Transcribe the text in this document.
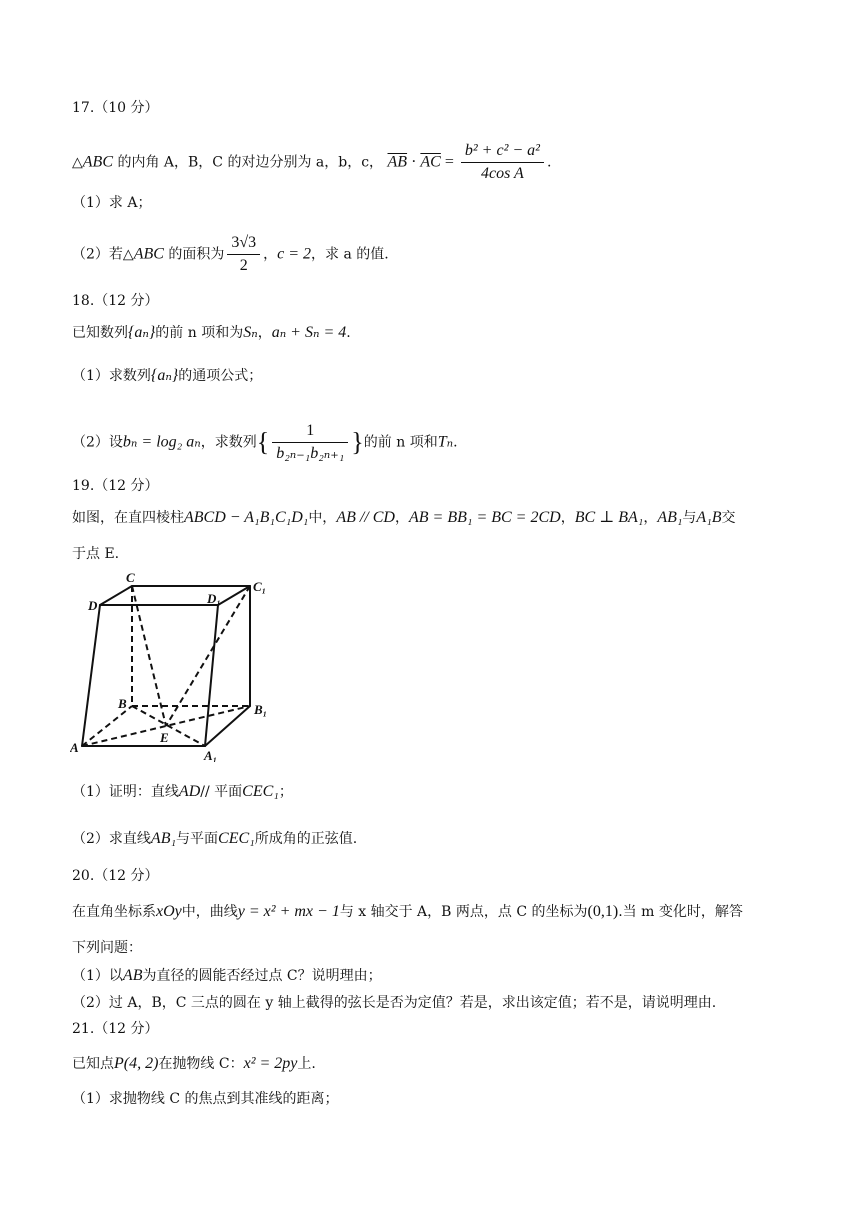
17.（10 分）
△ABC 的内角 A，B，C 的对边分别为 a，b，c， $\overline{AB} \cdot \overline{AC} = \frac{\text{b² + c² − a²}}{\text{4cos A}}$ .
（1）求 A；
（2）若△ABC 的面积为 $\frac{3√3}{2}$ ，c = 2，求 a 的值.
18.（12 分）
已知数列{aₙ}的前 n 项和为Sₙ，aₙ + Sₙ = 4.
（1）求数列{aₙ}的通项公式；
（2）设bₙ = log₂ aₙ，求数列{ $\frac{1}{\text{b₂ₙ₋₁b₂ₙ₊₁}}$ }的前 n 项和Tₙ.
19.（12 分）
如图，在直四棱柱ABCD − A₁B₁C₁D₁中，AB // CD，AB = BB₁ = BC = 2CD，BC ⊥ BA₁，AB₁与A₁B交
于点 E.
C
C₁
D	D₁
B	B₁
A
A₁
E
（1）证明：直线AD// 平面CEC₁；
（2）求直线AB₁与平面CEC₁所成角的正弦值.
20.（12 分）
在直角坐标系xOy中，曲线y = x² + mx − 1与 x 轴交于 A，B 两点，点 C 的坐标为(0,1).当 m 变化时，解答
下列问题：
（1）以AB为直径的圆能否经过点 C？说明理由；
（2）过 A，B，C 三点的圆在 y 轴上截得的弦长是否为定值？若是，求出该定值；若不是，请说明理由.
21.（12 分）
已知点P(4, 2)在抛物线 C：x² = 2py上.
（1）求抛物线 C 的焦点到其准线的距离；
